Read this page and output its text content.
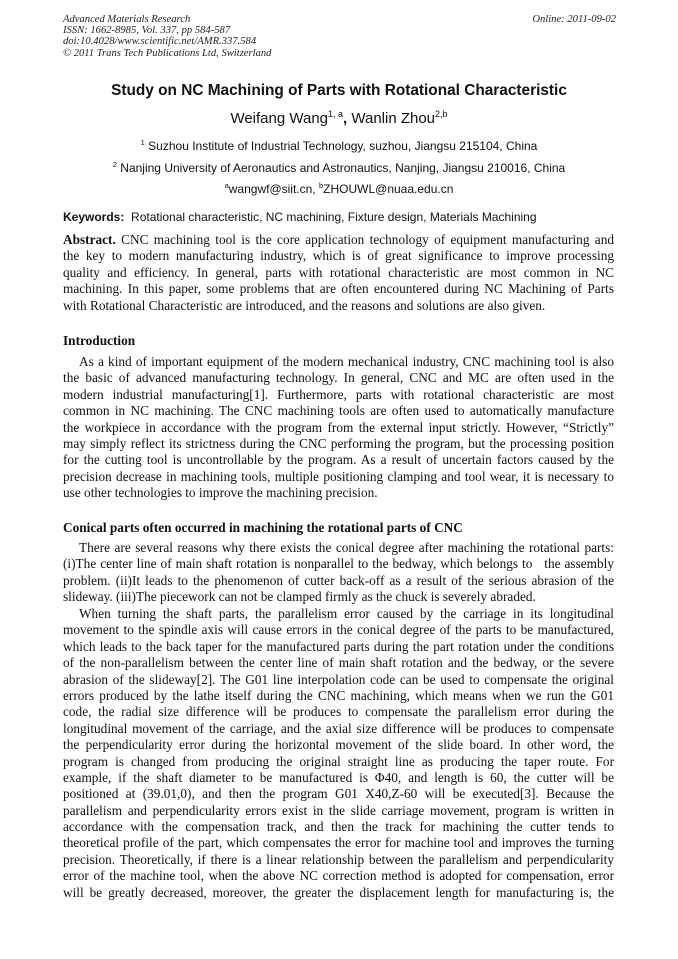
Advanced Materials Research
ISSN: 1662-8985, Vol. 337, pp 584-587
doi:10.4028/www.scientific.net/AMR.337.584
© 2011 Trans Tech Publications Ltd, Switzerland
Online: 2011-09-02
Study on NC Machining of Parts with Rotational Characteristic
Weifang Wang$^{1, a}$, Wanlin Zhou$^{2,b}$
$^1$ Suzhou Institute of Industrial Technology, suzhou, Jiangsu 215104, China
$^2$ Nanjing University of Aeronautics and Astronautics, Nanjing, Jiangsu 210016, China
$^a$wangwf@siit.cn, $^b$ZHOUWL@nuaa.edu.cn
Keywords:  Rotational characteristic, NC machining, Fixture design, Materials Machining
Abstract. CNC machining tool is the core application technology of equipment manufacturing and
the key to modern manufacturing industry, which is of great significance to improve processing
quality and efficiency. In general, parts with rotational characteristic are most common in NC
machining. In this paper, some problems that are often encountered during NC Machining of Parts
with Rotational Characteristic are introduced, and the reasons and solutions are also given.
Introduction
As a kind of important equipment of the modern mechanical industry, CNC machining tool is also
the basic of advanced manufacturing technology. In general, CNC and MC are often used in the
modern industrial manufacturing[1]. Furthermore, parts with rotational characteristic are most
common in NC machining. The CNC machining tools are often used to automatically manufacture
the workpiece in accordance with the program from the external input strictly. However, “Strictly”
may simply reflect its strictness during the CNC performing the program, but the processing position
for the cutting tool is uncontrollable by the program. As a result of uncertain factors caused by the
precision decrease in machining tools, multiple positioning clamping and tool wear, it is necessary to
use other technologies to improve the machining precision.
Conical parts often occurred in machining the rotational parts of CNC
There are several reasons why there exists the conical degree after machining the rotational parts:
(i)The center line of main shaft rotation is nonparallel to the bedway, which belongs to   the assembly
problem. (ii)It leads to the phenomenon of cutter back-off as a result of the serious abrasion of the
slideway. (iii)The piecework can not be clamped firmly as the chuck is severely abraded.
When turning the shaft parts, the parallelism error caused by the carriage in its longitudinal
movement to the spindle axis will cause errors in the conical degree of the parts to be manufactured,
which leads to the back taper for the manufactured parts during the part rotation under the conditions
of the non-parallelism between the center line of main shaft rotation and the bedway, or the severe
abrasion of the slideway[2]. The G01 line interpolation code can be used to compensate the original
errors produced by the lathe itself during the CNC machining, which means when we run the G01
code, the radial size difference will be produces to compensate the parallelism error during the
longitudinal movement of the carriage, and the axial size difference will be produces to compensate
the perpendicularity error during the horizontal movement of the slide board. In other word, the
program is changed from producing the original straight line as producing the taper route. For
example, if the shaft diameter to be manufactured is Φ40, and length is 60, the cutter will be
positioned at (39.01,0), and then the program G01 X40,Z-60 will be executed[3]. Because the
parallelism and perpendicularity errors exist in the slide carriage movement, program is written in
accordance with the compensation track, and then the track for machining the cutter tends to
theoretical profile of the part, which compensates the error for machine tool and improves the turning
precision. Theoretically, if there is a linear relationship between the parallelism and perpendicularity
error of the machine tool, when the above NC correction method is adopted for compensation, error
will be greatly decreased, moreover, the greater the displacement length for manufacturing is, the
